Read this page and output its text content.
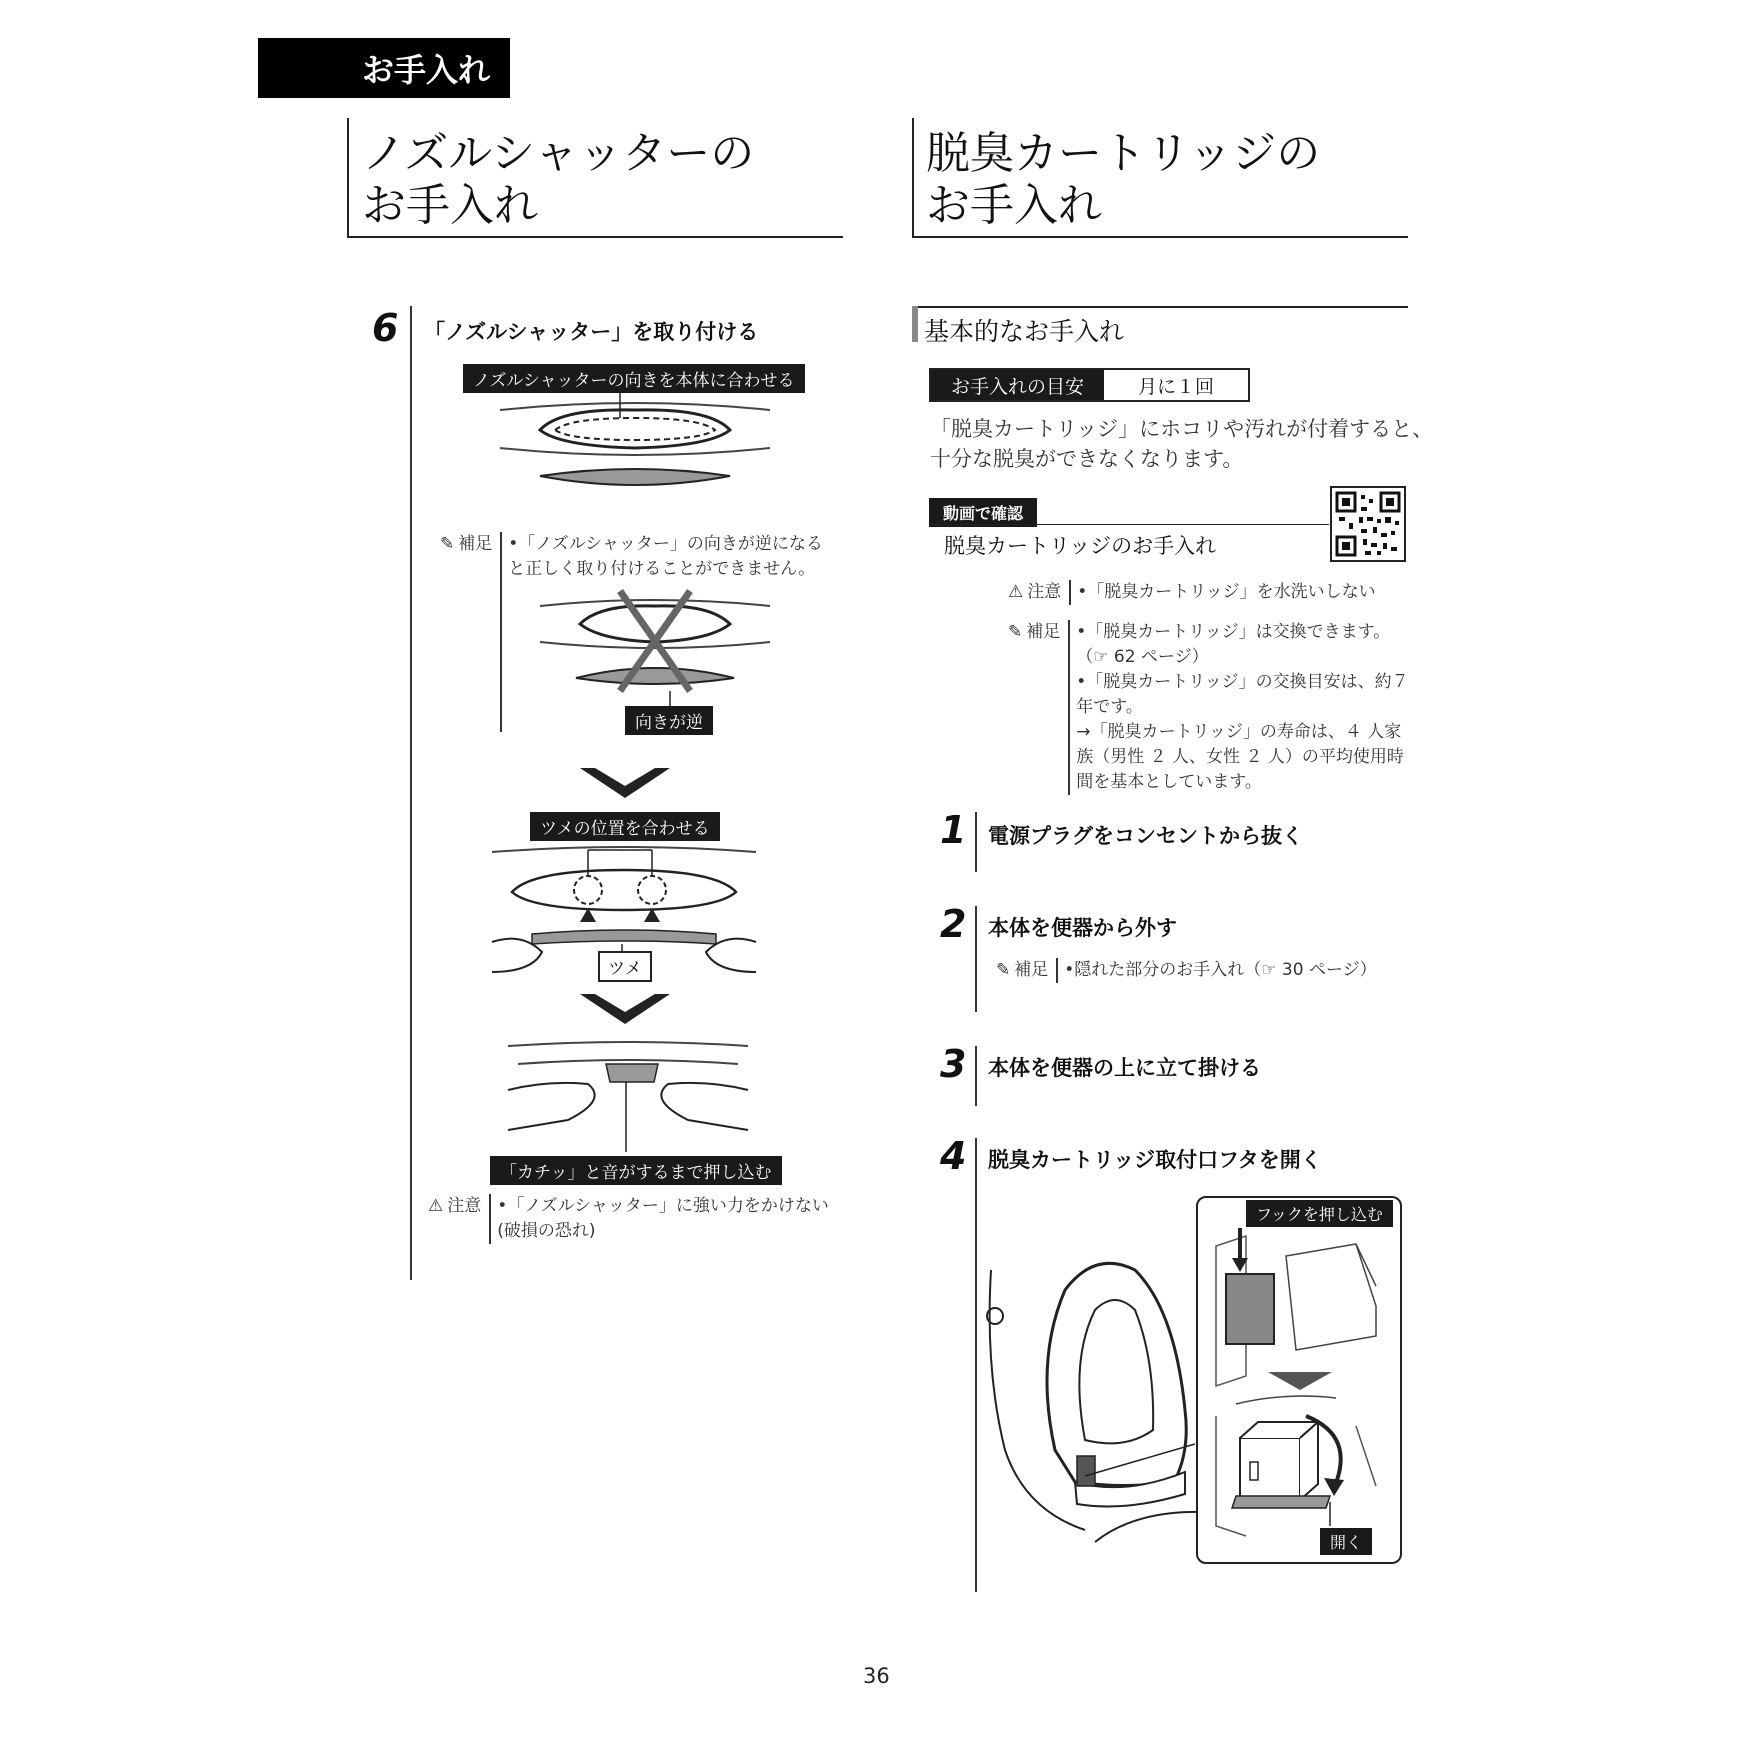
お手入れ
ノズルシャッターの
お手入れ
6 「ノズルシャッター」を取り付ける
ノズルシャッターの向きを本体に合わせる
✎ 補足 •「ノズルシャッター」の向きが逆になる
と正しく取り付けることができません。
向きが逆
ツメの位置を合わせる
ツメ
「カチッ」と音がするまで押し込む
⚠ 注意 •「ノズルシャッター」に強い力をかけない
(破損の恐れ)
脱臭カートリッジの
お手入れ
基本的なお手入れ
お手入れの目安	月に１回
「脱臭カートリッジ」にホコリや汚れが付着すると、
十分な脱臭ができなくなります。
動画で確認
脱臭カートリッジのお手入れ
⚠ 注意 •「脱臭カートリッジ」を水洗いしない
✎ 補足 •「脱臭カートリッジ」は交換できます。
（☞ 62 ページ）
•「脱臭カートリッジ」の交換目安は、約７
年です。
→「脱臭カートリッジ」の寿命は、４ 人家
族（男性 ２ 人、女性 ２ 人）の平均使用時
間を基本としています。
1 電源プラグをコンセントから抜く
2 本体を便器から外す
✎ 補足 •隠れた部分のお手入れ（☞ 30 ページ）
3 本体を便器の上に立て掛ける
4 脱臭カートリッジ取付口フタを開く
フックを押し込む
開く
36
